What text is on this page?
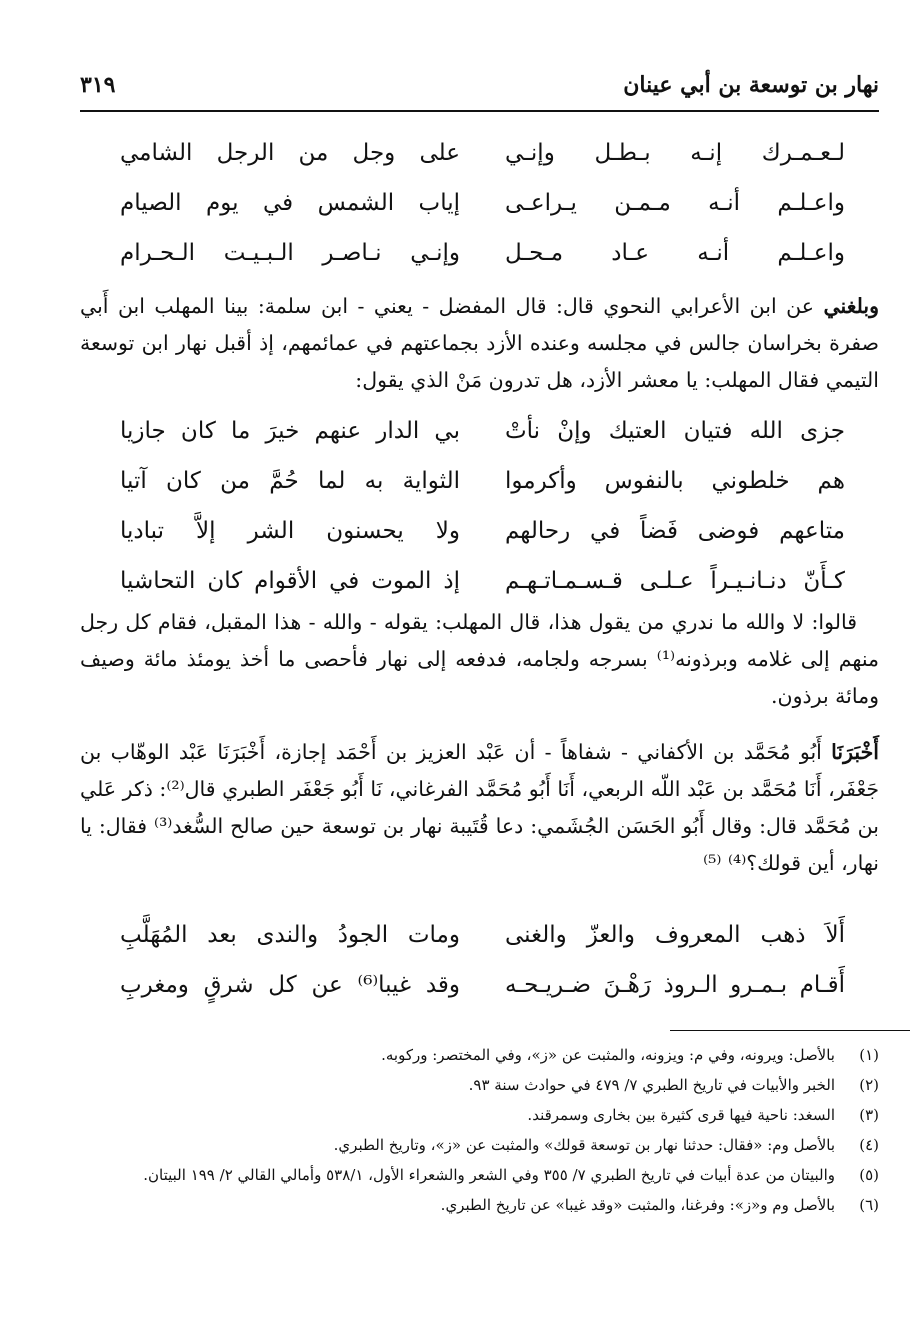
نهار بن توسعة بن أبي عينان
٣١٩
لـعـمـرك إنـه بـطـل وإنـي
على وجل من الرجل الشامي
واعـلـم أنـه مـمـن يـراعـى
إياب الشمس في يوم الصيام
واعـلـم أنـه عـاد مـحـل
وإنـي نـاصـر الـبـيـت الـحـرام
وبلغني عن ابن الأعرابي النحوي قال: قال المفضل - يعني - ابن سلمة: بينا المهلب ابن أَبي صفرة بخراسان جالس في مجلسه وعنده الأزد بجماعتهم في عمائمهم، إذ أقبل نهار ابن توسعة التيمي فقال المهلب: يا معشر الأزد، هل تدرون مَنْ الذي يقول:
جزى الله فتيان العتيك وإنْ نأتْ
بي الدار عنهم خيرَ ما كان جازيا
هم خلطوني بالنفوس وأكرموا
الثواية به لما حُمَّ من كان آتيا
متاعهم فوضى فَضاً في رحالهم
ولا يحسنون الشر إلاَّ تباديا
كـأَنّ دنـانـيـراً عـلـى قـسـمـاتـهـم
إذ الموت في الأقوام كان التحاشيا
قالوا: لا والله ما ندري من يقول هذا، قال المهلب: يقوله - والله - هذا المقبل، فقام كل رجل منهم إلى غلامه وبرذونه⁽¹⁾ بسرجه ولجامه، فدفعه إلى نهار فأحصى ما أخذ يومئذ مائة وصيف ومائة برذون.
أَخْبَرَنَا أَبُو مُحَمَّد بن الأكفاني - شفاهاً - أن عَبْد العزيز بن أَحْمَد إجازة، أَخْبَرَنَا عَبْد الوهّاب بن جَعْفَر، أَنَا مُحَمَّد بن عَبْد اللّه الربعي، أَنَا أَبُو مُحَمَّد الفرغاني، نَا أَبُو جَعْفَر الطبري قال⁽²⁾: ذكر عَلي بن مُحَمَّد قال: وقال أَبُو الحَسَن الجُشَمي: دعا قُتَيبة نهار بن توسعة حين صالح السُّغد⁽³⁾ فقال: يا نهار، أين قولك؟⁽⁴⁾ ⁽⁵⁾
أَلاَ ذهب المعروف والعزّ والغنى
ومات الجودُ والندى بعد المُهَلَّبِ
أَقـام بـمـرو الـروذ رَهْـنَ ضـريـحـه
وقد غيبا⁽⁶⁾ عن كل شرقٍ ومغربِ
(١)
بالأصل: ويرونه، وفي م: ويزونه، والمثبت عن «ز»، وفي المختصر: وركوبه.
(٢)
الخبر والأبيات في تاريخ الطبري ٧/ ٤٧٩ في حوادث سنة ٩٣.
(٣)
السغد: ناحية فيها قرى كثيرة بين بخارى وسمرقند.
(٤)
بالأصل وم: «فقال: حدثنا نهار بن توسعة قولك» والمثبت عن «ز»، وتاريخ الطبري.
(٥)
والبيتان من عدة أبيات في تاريخ الطبري ٧/ ٣٥٥ وفي الشعر والشعراء الأول، ٥٣٨/١ وأمالي القالي ٢/ ١٩٩ البيتان.
(٦)
بالأصل وم و«ز»: وفرغنا، والمثبت «وقد غيبا» عن تاريخ الطبري.
